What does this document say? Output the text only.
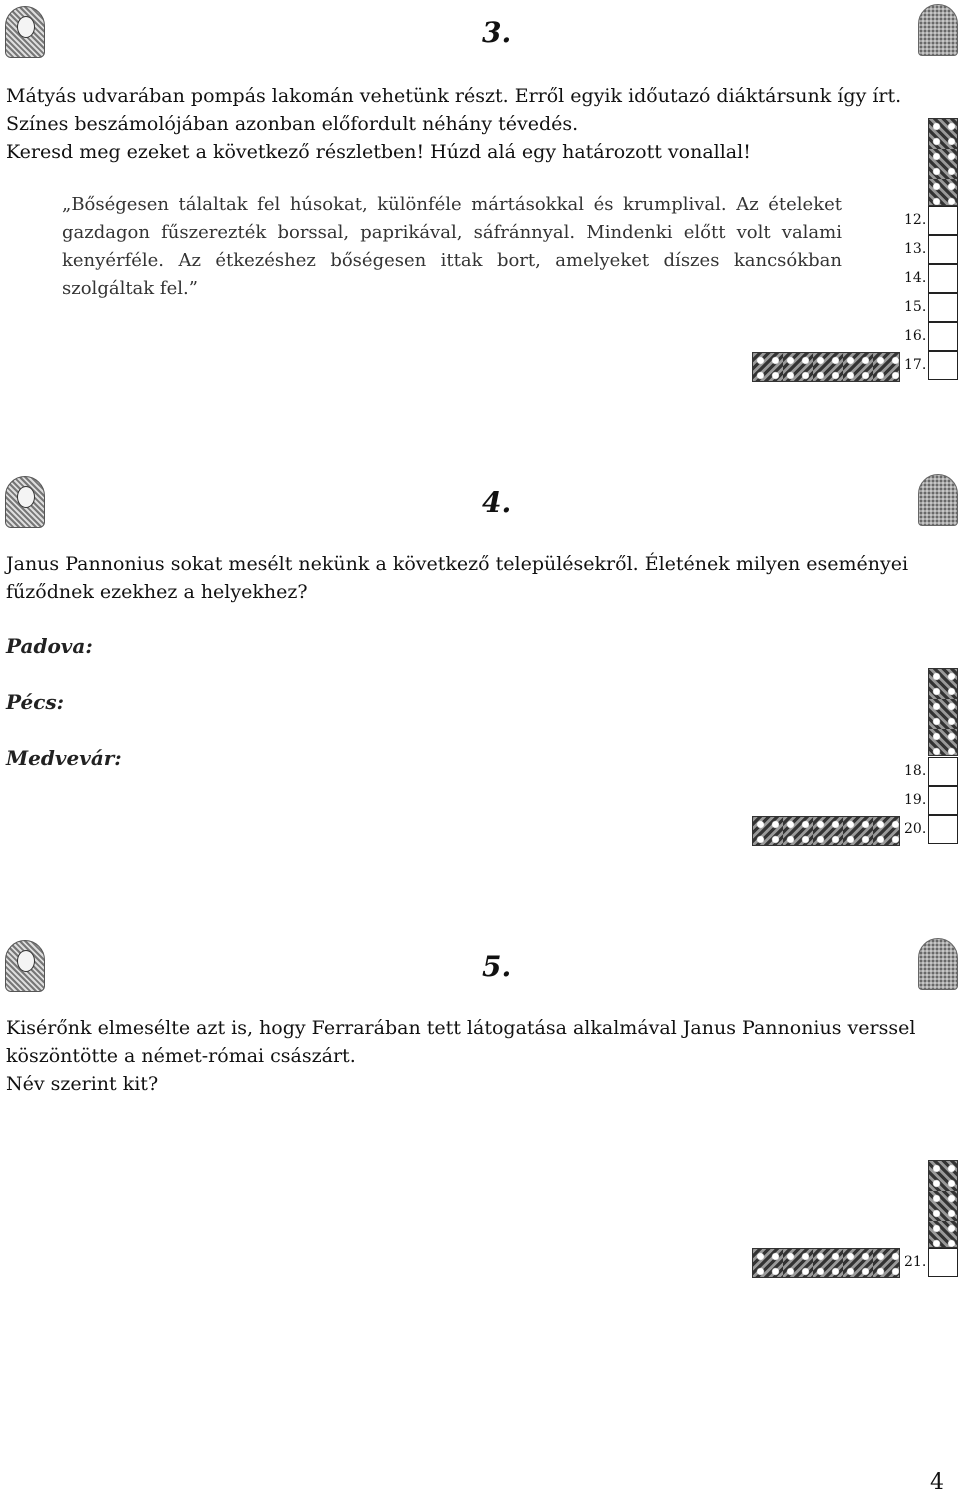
3.
Mátyás udvarában pompás lakomán vehetünk részt. Erről egyik időutazó diáktársunk így írt.
Színes beszámolójában azonban előfordult néhány tévedés.
Keresd meg ezeket a következő részletben! Húzd alá egy határozott vonallal!
„Bőségesen tálaltak fel húsokat, különféle mártásokkal és krumplival. Az ételeket gazdagon fűszerezték borssal, paprikával, sáfránnyal. Mindenki előtt volt valami kenyérféle. Az étkezéshez bőségesen ittak bort, amelyeket díszes kancsókban szolgáltak fel.”
12.
13.
14.
15.
16.
17.
4.
Janus Pannonius sokat mesélt nekünk a következő településekről. Életének milyen eseményei
fűződnek ezekhez a helyekhez?
Padova:
Pécs:
Medvevár:
18.
19.
20.
5.
Kisérőnk elmesélte azt is, hogy Ferrarában tett látogatása alkalmával Janus Pannonius verssel
köszöntötte a német-római császárt.
Név szerint kit?
21.
4
